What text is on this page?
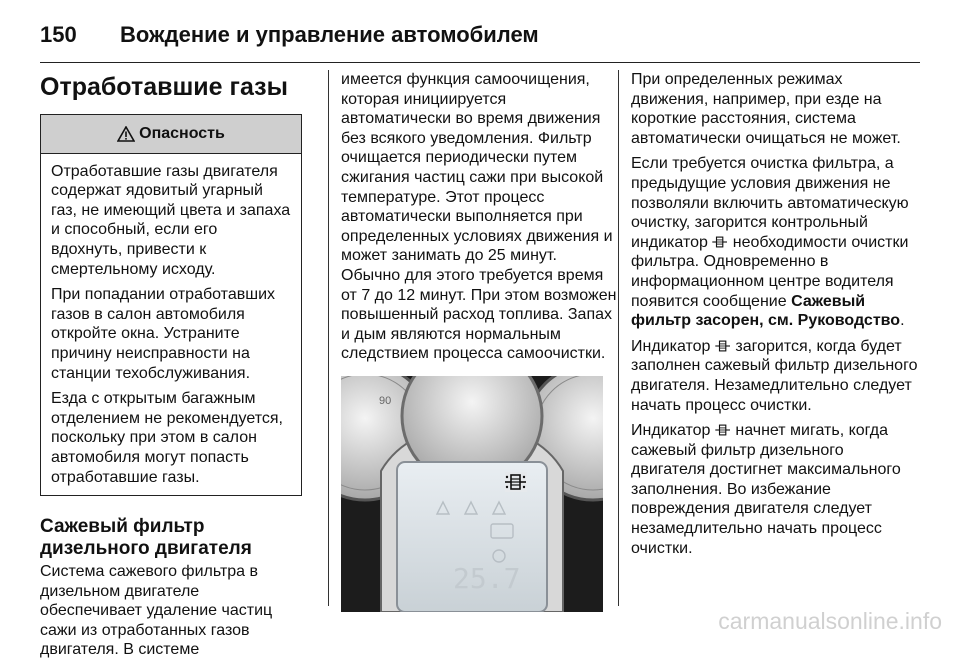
150	Вождение и управление автомобилем
Отработавшие газы
Опасность

Отработавшие газы двигателя содержат ядовитый угарный газ, не имеющий цвета и запаха и способный, если его вдохнуть, привести к смертельному исходу.

При попадании отработавших газов в салон автомобиля откройте окна. Устраните причину неисправности на станции техобслуживания.

Езда с открытым багажным отделением не рекомендуется, поскольку при этом в салон автомобиля могут попасть отработавшие газы.

Сажевый фильтр дизельного двигателя

Система сажевого фильтра в дизельном двигателе обеспечивает удаление частиц сажи из отработанных газов двигателя. В системе

имеется функция самоочищения, которая инициируется автоматически во время движения без всякого уведомления. Фильтр очищается периодически путем сжигания частиц сажи при высокой температуре. Этот процесс автоматически выполняется при определенных условиях движения и может занимать до 25 минут. Обычно для этого требуется время от 7 до 12 минут. При этом возможен повышенный расход топлива. Запах и дым являются нормальным следствием процесса самоочистки.

90
25.7

При определенных режимах движения, например, при езде на короткие расстояния, система автоматически очищаться не может.

Если требуется очистка фильтра, а предыдущие условия движения не позволяли включить автоматическую очистку, загорится контрольный индикатор необходимости очистки фильтра. Одновременно в информационном центре водителя появится сообщение Сажевый фильтр засорен, см. Руководство.

Индикатор загорится, когда будет заполнен сажевый фильтр дизельного двигателя. Незамедлительно следует начать процесс очистки.

Индикатор начнет мигать, когда сажевый фильтр дизельного двигателя достигнет максимального заполнения. Во избежание повреждения двигателя следует незамедлительно начать процесс очистки.

carmanualsonline.info
